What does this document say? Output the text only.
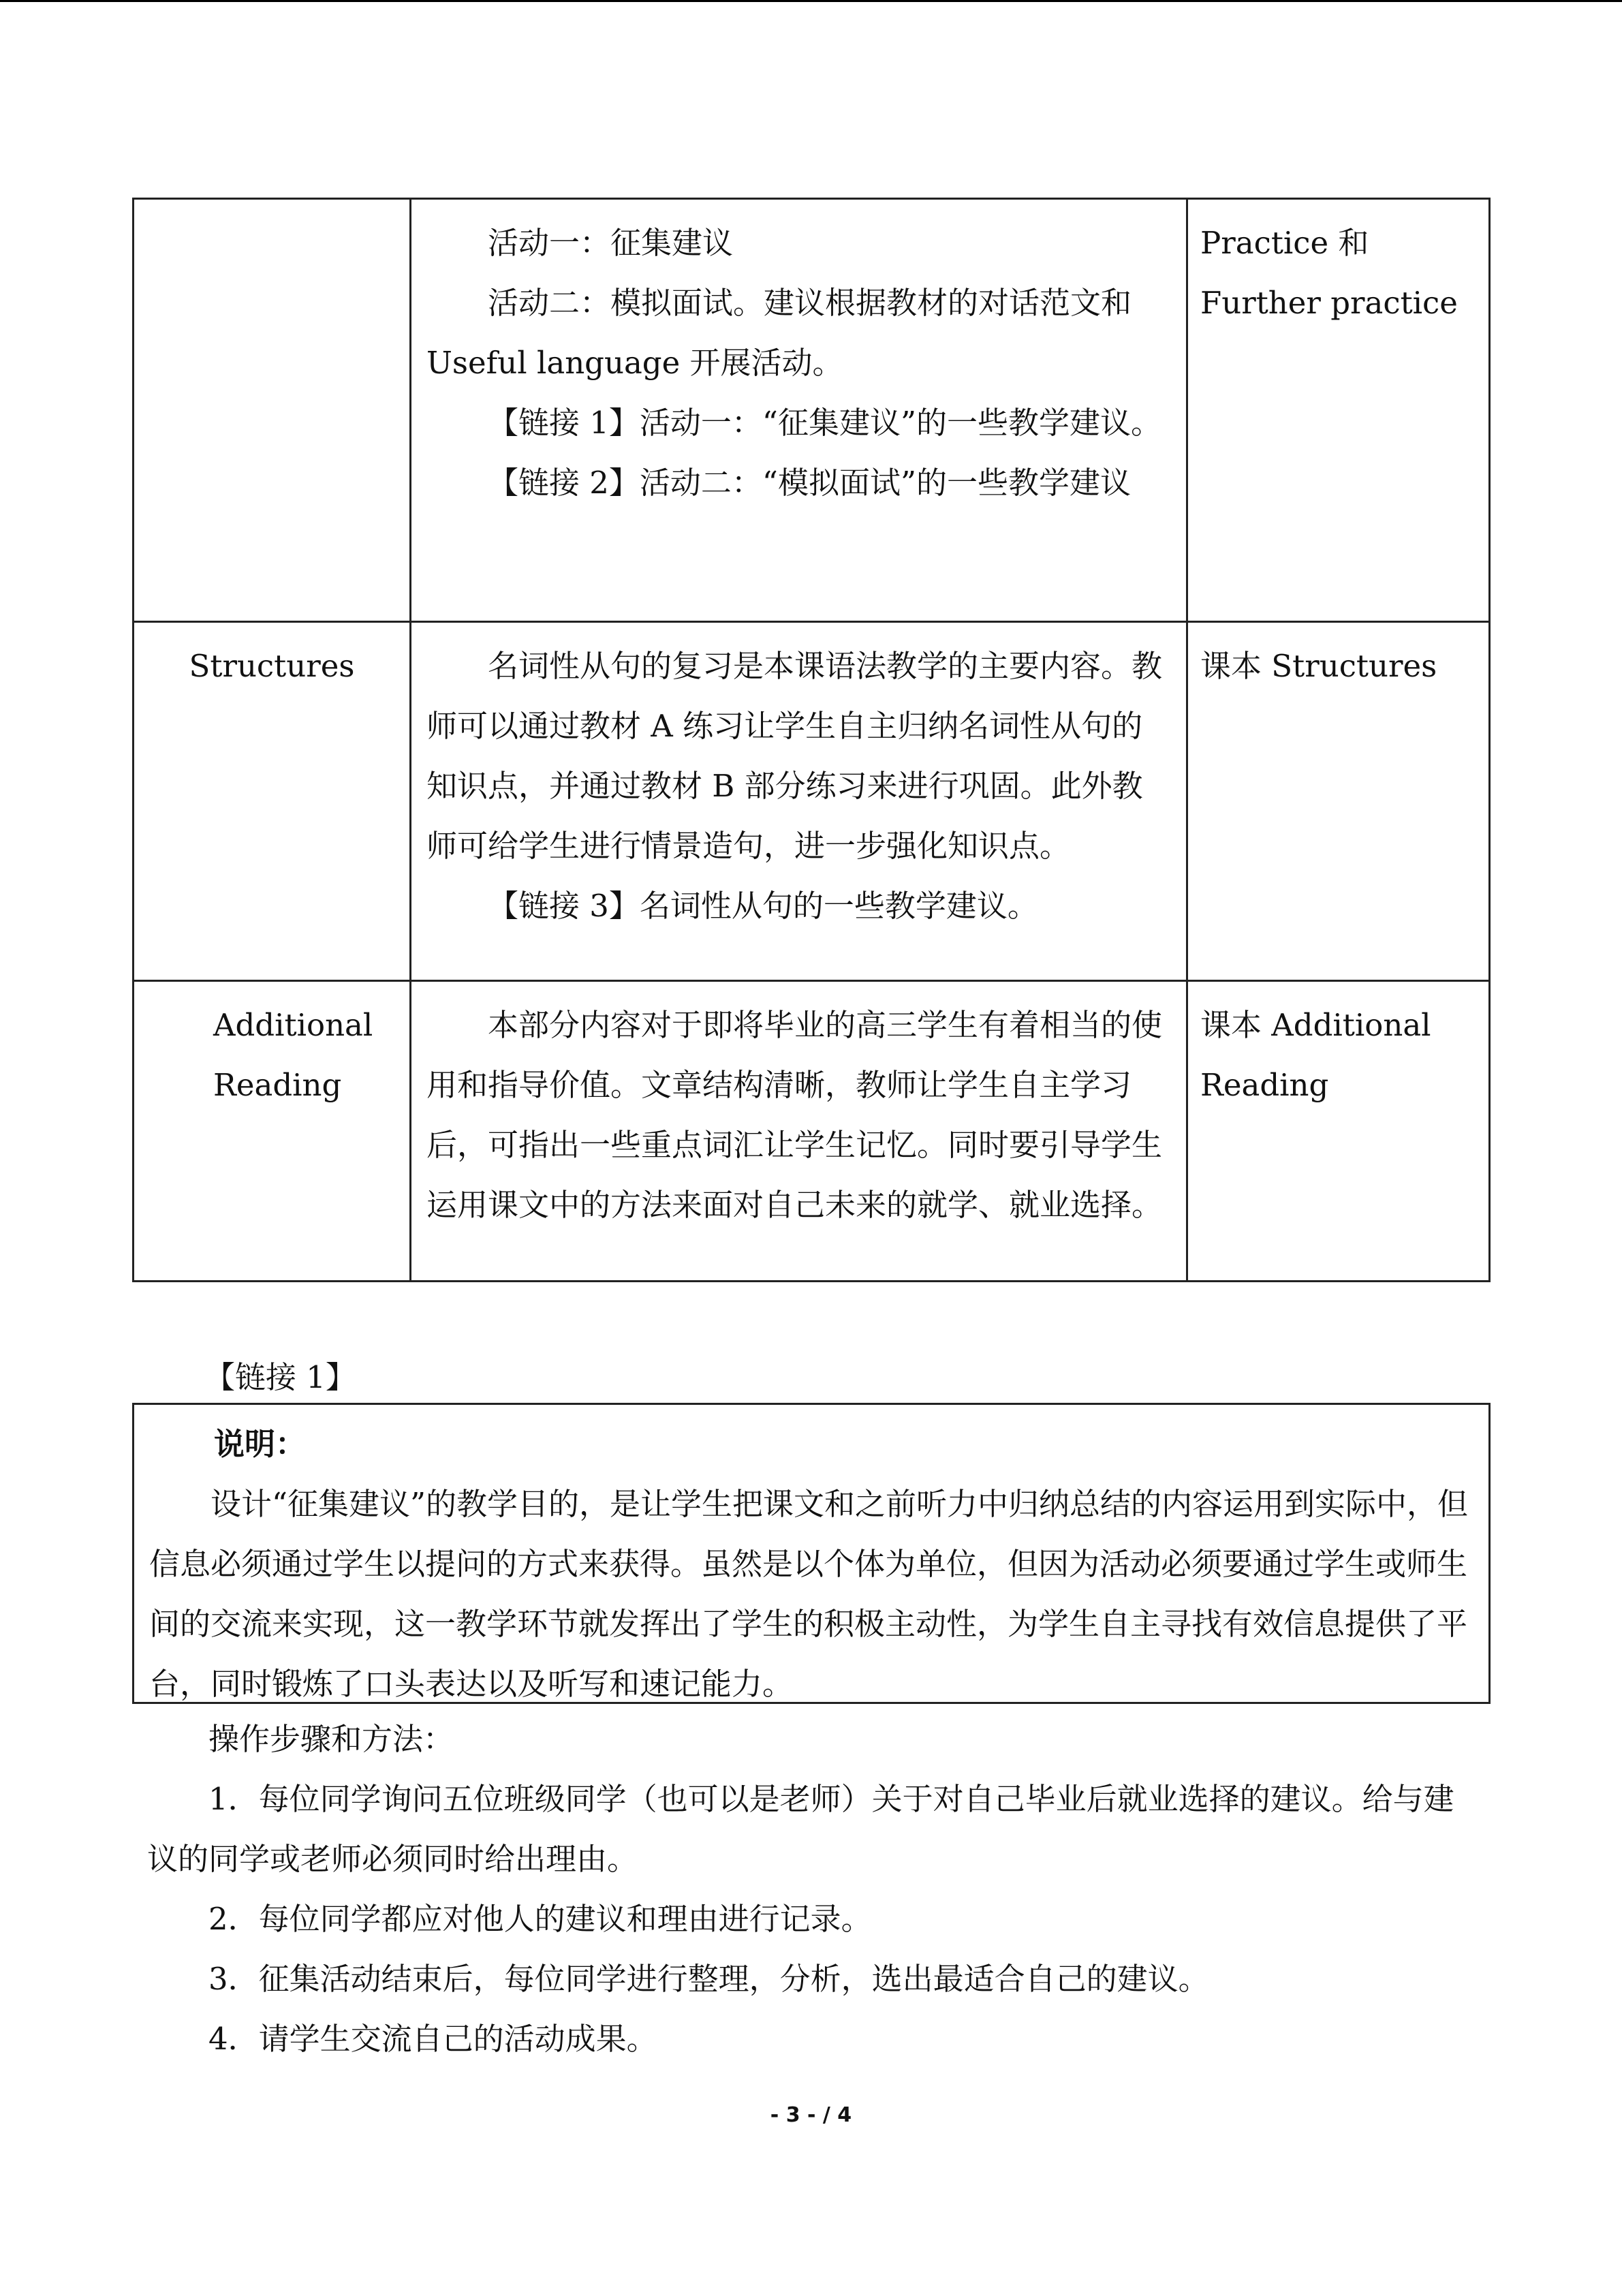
	活动一：征集建议

活动二：模拟面试。建议根据教材的对话范文和 Useful language 开展活动。

【链接 1】活动一：“征集建议”的一些教学建议。

【链接 2】活动二：“模拟面试”的一些教学建议	Practice 和 Further practice

Structures	名词性从句的复习是本课语法教学的主要内容。教师可以通过教材 A 练习让学生自主归纳名词性从句的知识点，并通过教材 B 部分练习来进行巩固。此外教师可给学生进行情景造句，进一步强化知识点。

【链接 3】名词性从句的一些教学建议。	课本 Structures

Additional Reading	本部分内容对于即将毕业的高三学生有着相当的使用和指导价值。文章结构清晰，教师让学生自主学习后，可指出一些重点词汇让学生记忆。同时要引导学生运用课文中的方法来面对自己未来的就学、就业选择。	课本 Additional Reading

【链接 1】

说明：

设计“征集建议”的教学目的，是让学生把课文和之前听力中归纳总结的内容运用到实际中，但信息必须通过学生以提问的方式来获得。虽然是以个体为单位，但因为活动必须要通过学生或师生间的交流来实现，这一教学环节就发挥出了学生的积极主动性，为学生自主寻找有效信息提供了平台，同时锻炼了口头表达以及听写和速记能力。

操作步骤和方法：

1．每位同学询问五位班级同学（也可以是老师）关于对自己毕业后就业选择的建议。给与建议的同学或老师必须同时给出理由。

2．每位同学都应对他人的建议和理由进行记录。

3．征集活动结束后，每位同学进行整理，分析，选出最适合自己的建议。

4．请学生交流自己的活动成果。

- 3 - / 4
